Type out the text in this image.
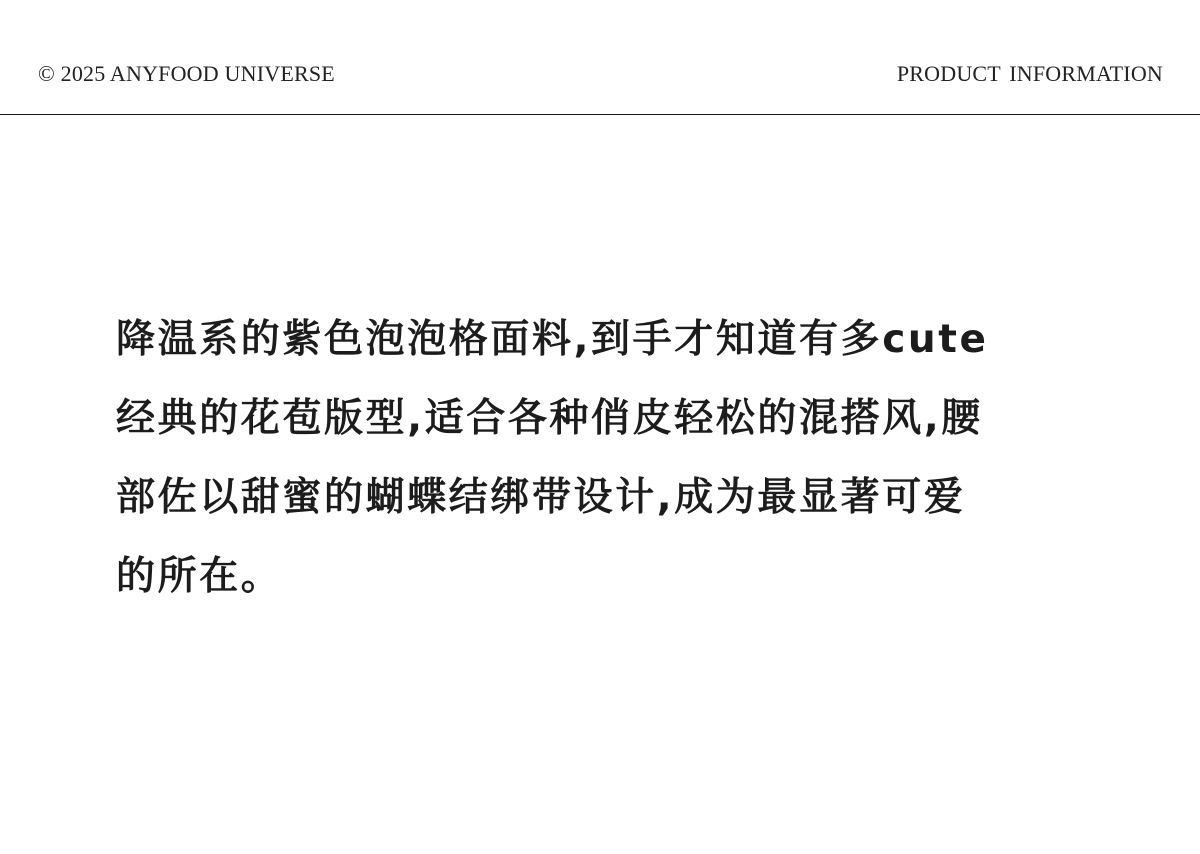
© 2025 ANYFOOD UNIVERSE	PRODUCT INFORMATION
降温系的紫色泡泡格面料,到手才知道有多cute
经典的花苞版型,适合各种俏皮轻松的混搭风,腰
部佐以甜蜜的蝴蝶结绑带设计,成为最显著可爱
的所在。
